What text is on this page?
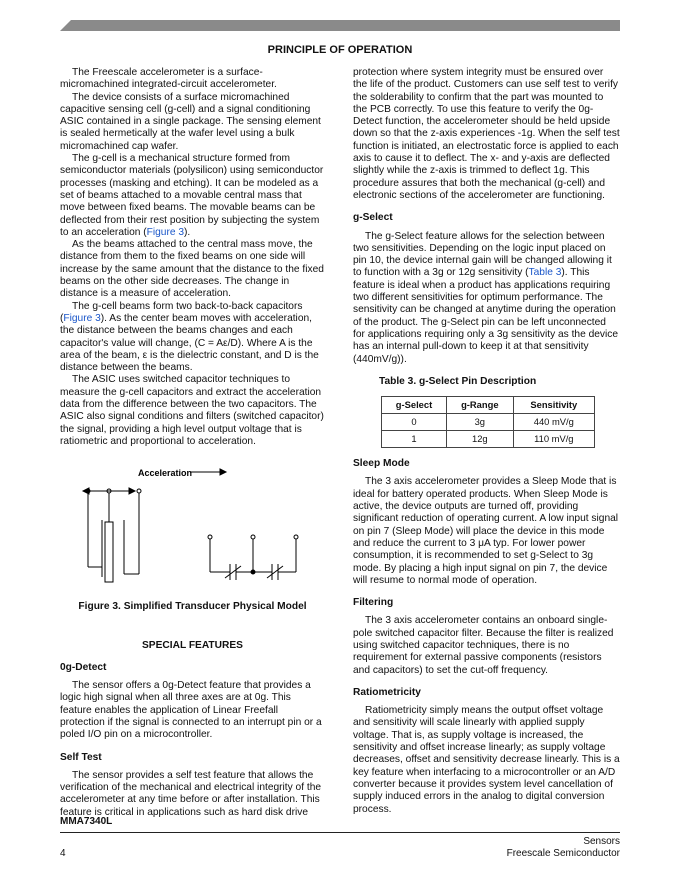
PRINCIPLE OF OPERATION

The Freescale accelerometer is a surface-micromachined integrated-circuit accelerometer.

The device consists of a surface micromachined capacitive sensing cell (g-cell) and a signal conditioning ASIC contained in a single package. The sensing element is sealed hermetically at the wafer level using a bulk micromachined cap wafer.

The g-cell is a mechanical structure formed from semiconductor materials (polysilicon) using semiconductor processes (masking and etching). It can be modeled as a set of beams attached to a movable central mass that move between fixed beams. The movable beams can be deflected from their rest position by subjecting the system to an acceleration (Figure 3).

As the beams attached to the central mass move, the distance from them to the fixed beams on one side will increase by the same amount that the distance to the fixed beams on the other side decreases. The change in distance is a measure of acceleration.

The g-cell beams form two back-to-back capacitors (Figure 3). As the center beam moves with acceleration, the distance between the beams changes and each capacitor's value will change, (C = Aε/D). Where A is the area of the beam, ε is the dielectric constant, and D is the distance between the beams.

The ASIC uses switched capacitor techniques to measure the g-cell capacitors and extract the acceleration data from the difference between the two capacitors. The ASIC also signal conditions and filters (switched capacitor) the signal, providing a high level output voltage that is ratiometric and proportional to acceleration.

Acceleration
Figure 3. Simplified Transducer Physical Model
SPECIAL FEATURES
0g-Detect

The sensor offers a 0g-Detect feature that provides a logic high signal when all three axes are at 0g. This feature enables the application of Linear Freefall protection if the signal is connected to an interrupt pin or a poled I/O pin on a microcontroller.

Self Test

The sensor provides a self test feature that allows the verification of the mechanical and electrical integrity of the accelerometer at any time before or after installation. This feature is critical in applications such as hard disk drive

protection where system integrity must be ensured over the life of the product. Customers can use self test to verify the solderability to confirm that the part was mounted to the PCB correctly. To use this feature to verify the 0g-Detect function, the accelerometer should be held upside down so that the z-axis experiences -1g. When the self test function is initiated, an electrostatic force is applied to each axis to cause it to deflect. The x- and y-axis are deflected slightly while the z-axis is trimmed to deflect 1g. This procedure assures that both the mechanical (g-cell) and electronic sections of the accelerometer are functioning.

g-Select

The g-Select feature allows for the selection between two sensitivities. Depending on the logic input placed on pin 10, the device internal gain will be changed allowing it to function with a 3g or 12g sensitivity (Table 3). This feature is ideal when a product has applications requiring two different sensitivities for optimum performance. The sensitivity can be changed at anytime during the operation of the product. The g-Select pin can be left unconnected for applications requiring only a 3g sensitivity as the device has an internal pull-down to keep it at that sensitivity (440mV/g)).

Table 3. g-Select Pin Description
g-Select	g-Range	Sensitivity
0	3g	440 mV/g
1	12g	110 mV/g
Sleep Mode

The 3 axis accelerometer provides a Sleep Mode that is ideal for battery operated products. When Sleep Mode is active, the device outputs are turned off, providing significant reduction of operating current. A low input signal on pin 7 (Sleep Mode) will place the device in this mode and reduce the current to 3 μA typ. For lower power consumption, it is recommended to set g-Select to 3g mode. By placing a high input signal on pin 7, the device will resume to normal mode of operation.

Filtering

The 3 axis accelerometer contains an onboard single-pole switched capacitor filter. Because the filter is realized using switched capacitor techniques, there is no requirement for external passive components (resistors and capacitors) to set the cut-off frequency.

Ratiometricity

Ratiometricity simply means the output offset voltage and sensitivity will scale linearly with applied supply voltage. That is, as supply voltage is increased, the sensitivity and offset increase linearly; as supply voltage decreases, offset and sensitivity decrease linearly. This is a key feature when interfacing to a microcontroller or an A/D converter because it provides system level cancellation of supply induced errors in the analog to digital conversion process.

MMA7340L
4
Sensors
Freescale Semiconductor
